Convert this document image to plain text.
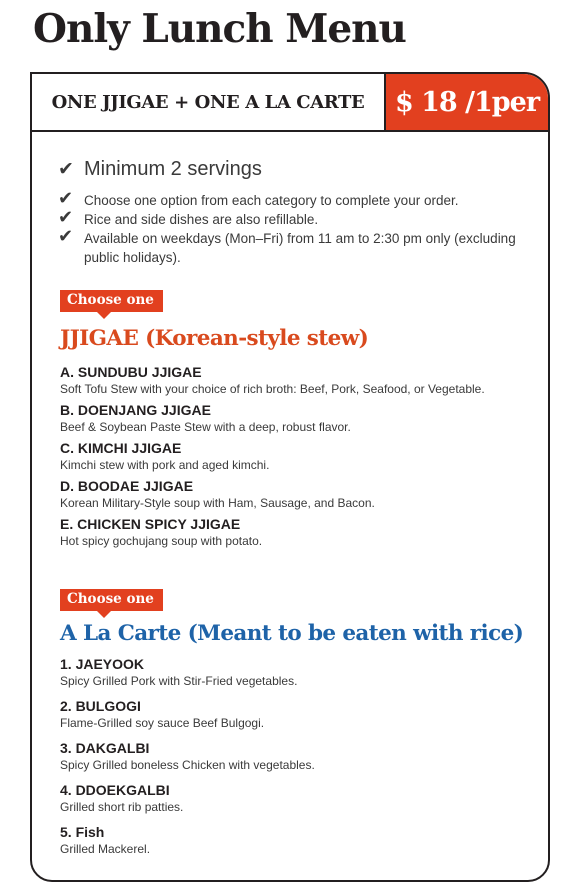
Only Lunch Menu
ONE JJIGAE + ONE A LA CARTE	$ 18 /1per
✔ Minimum 2 servings
✔ Choose one option from each category to complete your order.
✔ Rice and side dishes are also refillable.
✔ Available on weekdays (Mon–Fri) from 11 am to 2:30 pm only (excluding public holidays).
Choose one
JJIGAE (Korean-style stew)
A. SUNDUBU JJIGAE
Soft Tofu Stew with your choice of rich broth: Beef, Pork, Seafood, or Vegetable.
B. DOENJANG JJIGAE
Beef & Soybean Paste Stew with a deep, robust flavor.
C. KIMCHI JJIGAE
Kimchi stew with pork and aged kimchi.
D. BOODAE JJIGAE
Korean Military-Style soup with Ham, Sausage, and Bacon.
E. CHICKEN SPICY JJIGAE
Hot spicy gochujang soup with potato.
Choose one
A La Carte (Meant to be eaten with rice)
1. JAEYOOK
Spicy Grilled Pork with Stir-Fried vegetables.
2. BULGOGI
Flame-Grilled soy sauce Beef Bulgogi.
3. DAKGALBI
Spicy Grilled boneless Chicken with vegetables.
4. DDOEKGALBI
Grilled short rib patties.
5. Fish
Grilled Mackerel.
